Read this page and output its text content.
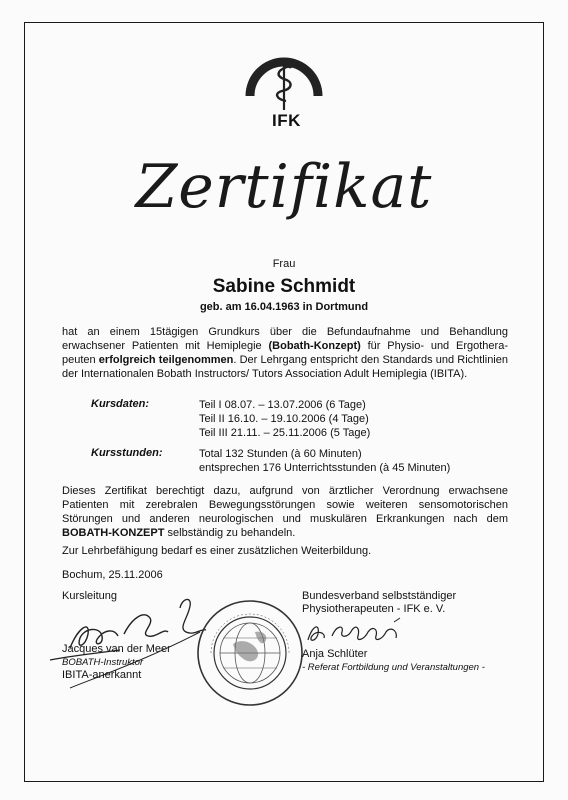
IFK
Zertifikat
Frau
Sabine Schmidt
geb. am 16.04.1963 in Dortmund
hat an einem 15tägigen Grundkurs über die Befundaufnahme und Behandlung erwachsener Patienten mit Hemiplegie (Bobath-Konzept) für Physio- und Ergothera-peuten erfolgreich teilgenommen. Der Lehrgang entspricht den Standards und Richtlinien der Internationalen Bobath Instructors/ Tutors Association Adult Hemiplegia (IBITA).
Kursdaten:	Teil I 08.07. – 13.07.2006 (6 Tage)
Teil II 16.10. – 19.10.2006 (4 Tage)
Teil III 21.11. – 25.11.2006 (5 Tage)
Kursstunden:	Total 132 Stunden (à 60 Minuten)
entsprechen 176 Unterrichtsstunden (à 45 Minuten)
Dieses Zertifikat berechtigt dazu, aufgrund von ärztlicher Verordnung erwachsene Patienten mit zerebralen Bewegungsstörungen sowie weiteren sensomotorischen Störungen und anderen neurologischen und muskulären Erkrankungen nach dem BOBATH-KONZEPT selbständig zu behandeln.
Zur Lehrbefähigung bedarf es einer zusätzlichen Weiterbildung.
Bochum, 25.11.2006
Kursleitung
Jacques van der Meer
BOBATH-Instruktor
IBITA-anerkannt
Bundesverband selbstständiger
Physiotherapeuten - IFK e. V.
Anja Schlüter
- Referat Fortbildung und Veranstaltungen -
